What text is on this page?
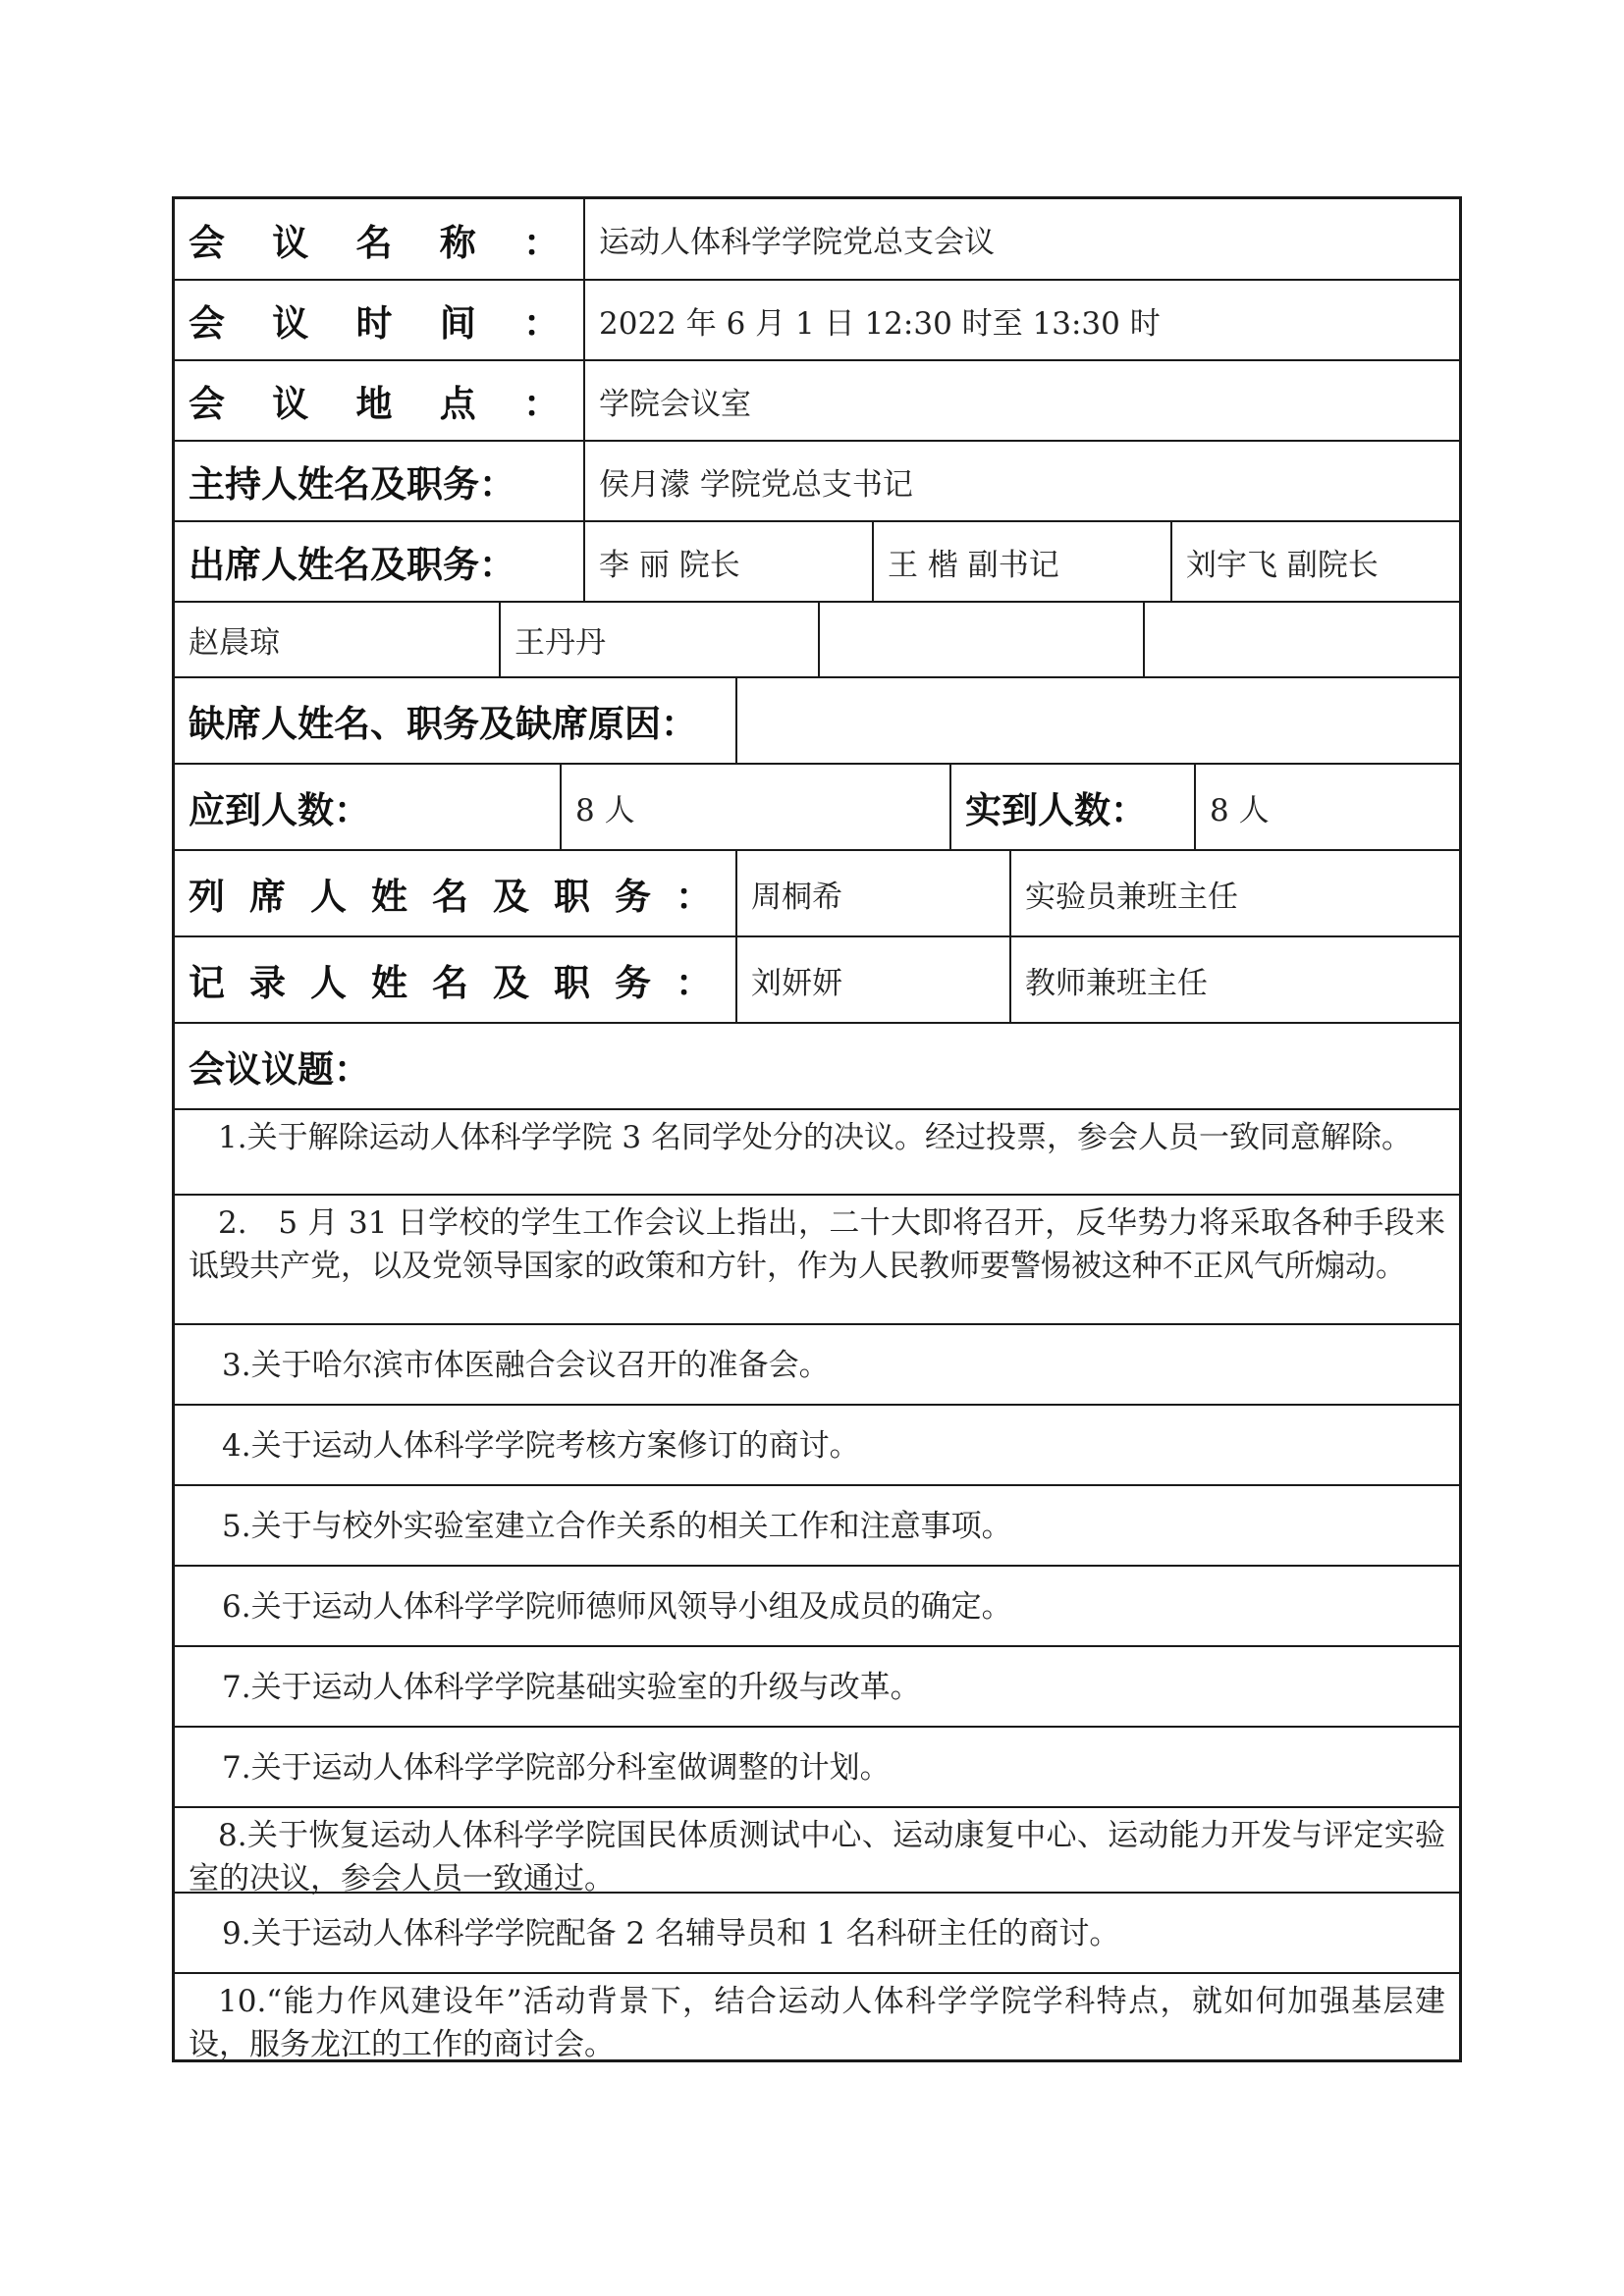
会 议 名 称 ：	运动人体科学学院党总支会议
会 议 时 间 ：	2022 年 6 月 1 日 12:30 时至 13:30 时
会 议 地 点 ：	学院会议室
主持人姓名及职务：	侯月濛 学院党总支书记
出席人姓名及职务：	李 丽 院长	王 楷 副书记	刘宇飞 副院长
赵晨琼	王丹丹
缺席人姓名、职务及缺席原因：
应到人数：	8 人	实到人数：	8 人
列 席 人 姓 名 及 职 务 ：	周桐希	实验员兼班主任
记 录 人 姓 名 及 职 务 ：	刘妍妍	教师兼班主任
会议议题：
1.关于解除运动人体科学学院 3 名同学处分的决议。经过投票，参会人员一致同意解除。
2.　5 月 31 日学校的学生工作会议上指出，二十大即将召开，反华势力将采取各种手段来诋毁共产党，以及党领导国家的政策和方针，作为人民教师要警惕被这种不正风气所煽动。
3.关于哈尔滨市体医融合会议召开的准备会。
4.关于运动人体科学学院考核方案修订的商讨。
5.关于与校外实验室建立合作关系的相关工作和注意事项。
6.关于运动人体科学学院师德师风领导小组及成员的确定。
7.关于运动人体科学学院基础实验室的升级与改革。
7.关于运动人体科学学院部分科室做调整的计划。
8.关于恢复运动人体科学学院国民体质测试中心、运动康复中心、运动能力开发与评定实验室的决议，参会人员一致通过。
9.关于运动人体科学学院配备 2 名辅导员和 1 名科研主任的商讨。
10.“能力作风建设年”活动背景下，结合运动人体科学学院学科特点，就如何加强基层建设，服务龙江的工作的商讨会。
